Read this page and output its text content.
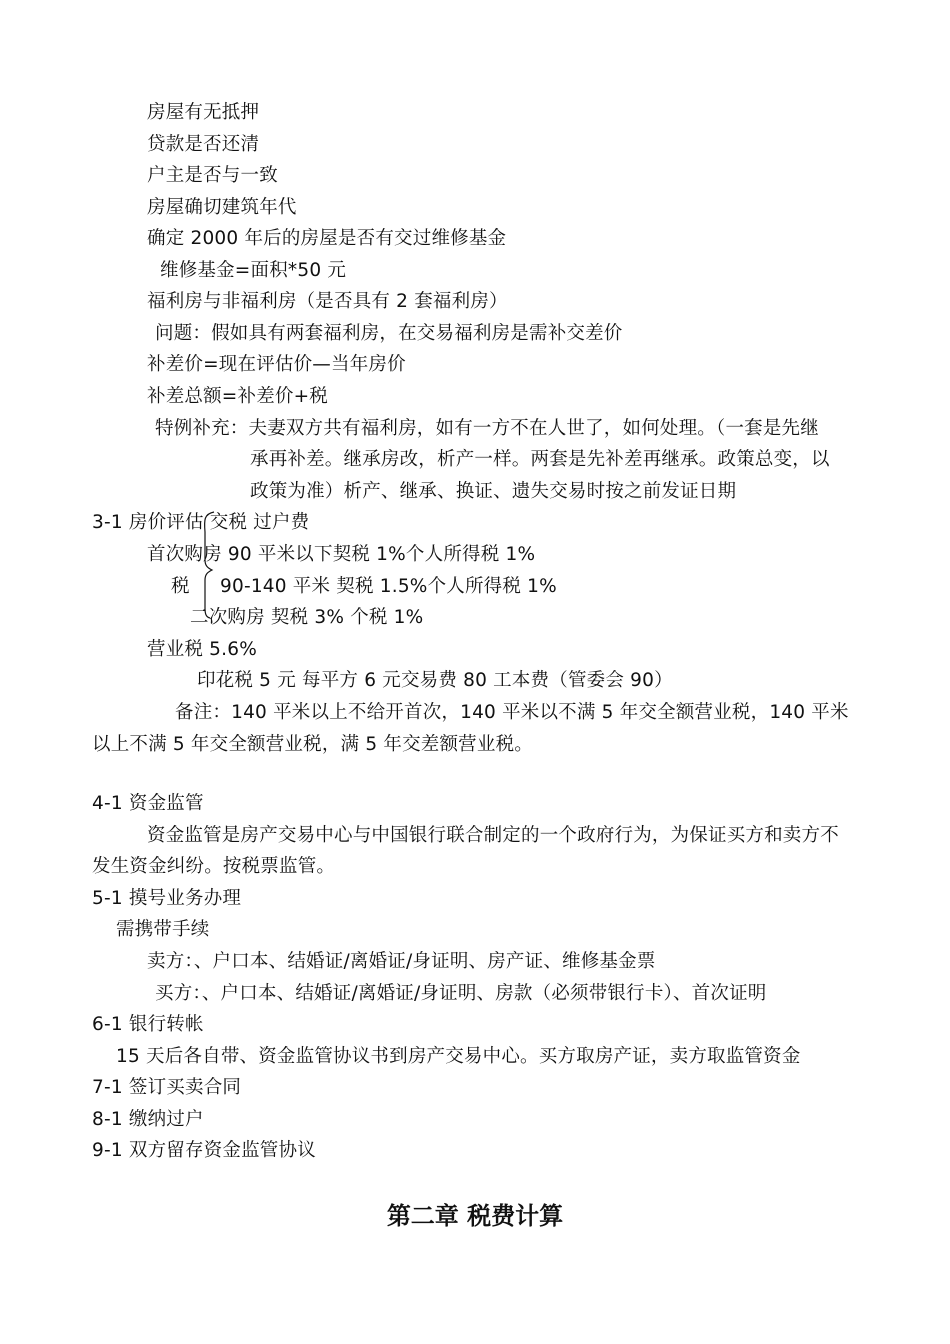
房屋有无抵押
贷款是否还清
户主是否与一致
房屋确切建筑年代
确定 2000 年后的房屋是否有交过维修基金
维修基金=面积*50 元
福利房与非福利房（是否具有 2 套福利房）
问题：假如具有两套福利房，在交易福利房是需补交差价
补差价=现在评估价—当年房价
补差总额=补差价+税
特例补充：夫妻双方共有福利房，如有一方不在人世了，如何处理。（一套是先继
承再补差。继承房改，析产一样。两套是先补差再继承。政策总变，以
政策为准）析产、继承、换证、遗失交易时按之前发证日期
3-1 房价评估 交税 过户费
首次购房 90 平米以下契税 1%个人所得税 1%
税 90-140 平米 契税 1.5%个人所得税 1%
二次购房 契税 3% 个税 1%
营业税 5.6%
印花税 5 元 每平方 6 元交易费 80 工本费（管委会 90）
备注：140 平米以上不给开首次，140 平米以不满 5 年交全额营业税，140 平米
以上不满 5 年交全额营业税，满 5 年交差额营业税。
4-1 资金监管
资金监管是房产交易中心与中国银行联合制定的一个政府行为，为保证买方和卖方不
发生资金纠纷。按税票监管。
5-1 摸号业务办理
需携带手续
卖方：、户口本、结婚证/离婚证/身证明、房产证、维修基金票
买方：、户口本、结婚证/离婚证/身证明、房款（必须带银行卡）、首次证明
6-1 银行转帐
15 天后各自带、资金监管协议书到房产交易中心。买方取房产证，卖方取监管资金
7-1 签订买卖合同
8-1 缴纳过户
9-1 双方留存资金监管协议
第二章 税费计算
